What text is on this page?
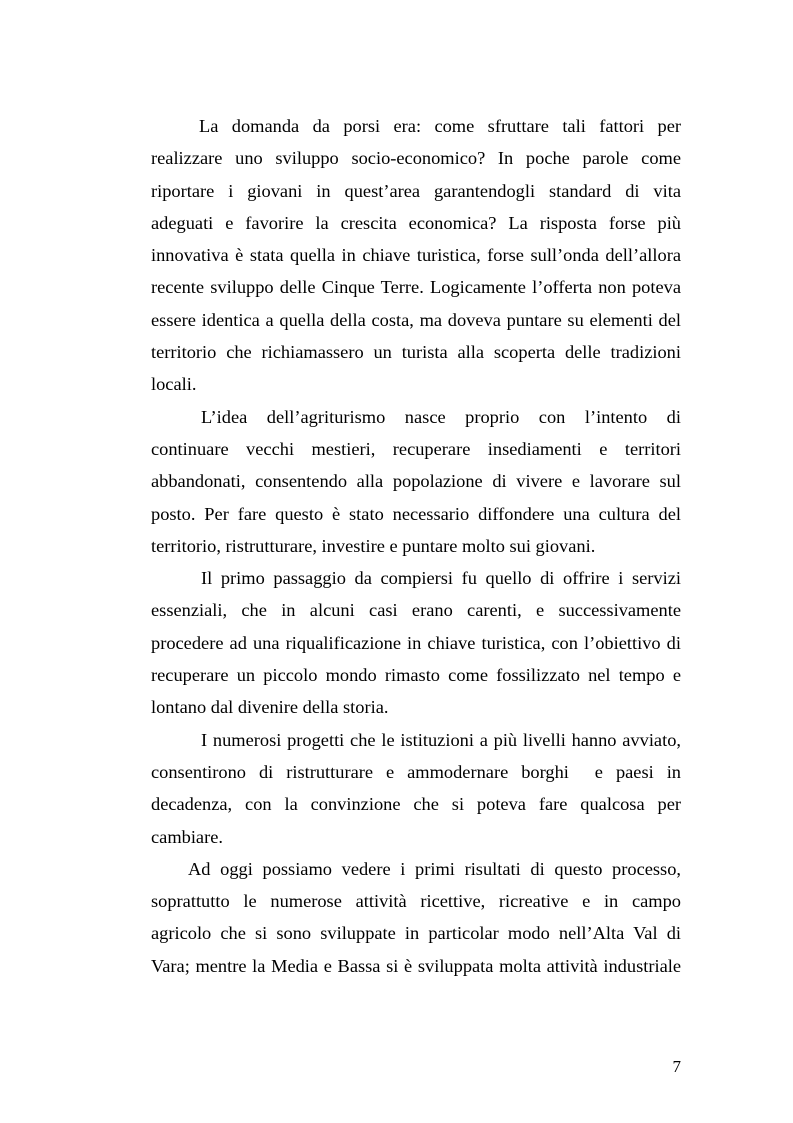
La domanda da porsi era: come sfruttare tali fattori per
realizzare uno sviluppo socio-economico? In poche parole come
riportare i giovani in quest’area garantendogli standard di vita
adeguati e favorire la crescita economica? La risposta forse più
innovativa è stata quella in chiave turistica, forse sull’onda dell’allora
recente sviluppo delle Cinque Terre. Logicamente l’offerta non poteva
essere identica a quella della costa, ma doveva puntare su elementi del
territorio che richiamassero un turista alla scoperta delle tradizioni
locali.

L’idea dell’agriturismo nasce proprio con l’intento di
continuare vecchi mestieri, recuperare insediamenti e territori
abbandonati, consentendo alla popolazione di vivere e lavorare sul
posto. Per fare questo è stato necessario diffondere una cultura del
territorio, ristrutturare, investire e puntare molto sui giovani.

Il primo passaggio da compiersi fu quello di offrire i servizi
essenziali, che in alcuni casi erano carenti, e successivamente
procedere ad una riqualificazione in chiave turistica, con l’obiettivo di
recuperare un piccolo mondo rimasto come fossilizzato nel tempo e
lontano dal divenire della storia.

I numerosi progetti che le istituzioni a più livelli hanno avviato,
consentirono di ristrutturare e ammodernare borghi  e paesi in
decadenza, con la convinzione che si poteva fare qualcosa per
cambiare.

Ad oggi possiamo vedere i primi risultati di questo processo,
soprattutto le numerose attività ricettive, ricreative e in campo
agricolo che si sono sviluppate in particolar modo nell’Alta Val di
Vara; mentre la Media e Bassa si è sviluppata molta attività industriale

7
